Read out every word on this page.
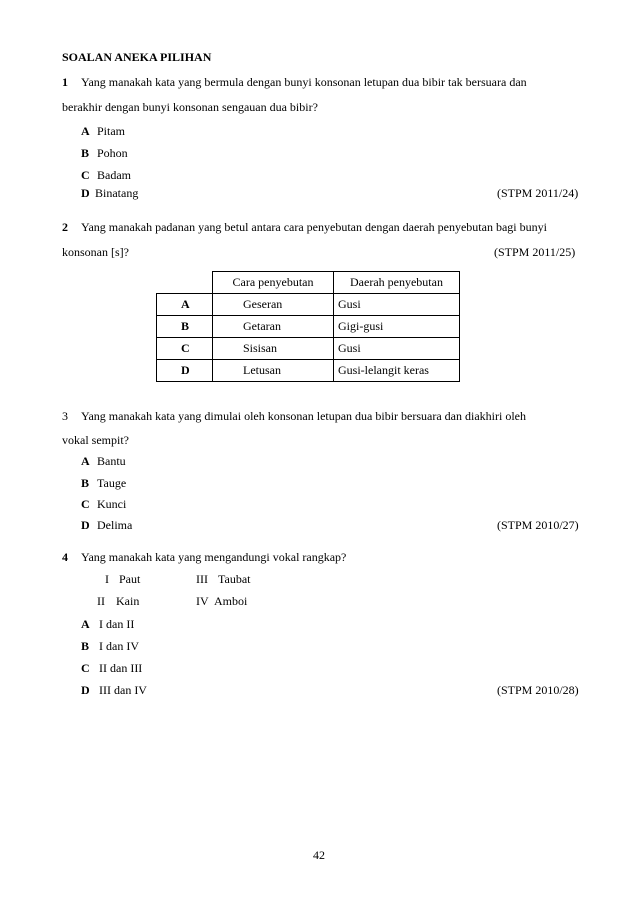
SOALAN ANEKA PILIHAN
1 Yang manakah kata yang bermula dengan bunyi konsonan letupan dua bibir tak bersuara dan
berakhir dengan bunyi konsonan sengauan dua bibir?
A Pitam
B Pohon
C Badam
D Binatang	(STPM 2011/24)
2 Yang manakah padanan yang betul antara cara penyebutan dengan daerah penyebutan bagi bunyi
konsonan [s]?	(STPM 2011/25)
	Cara penyebutan	Daerah penyebutan
A	Geseran	Gusi
B	Getaran	Gigi-gusi
C	Sisisan	Gusi
D	Letusan	Gusi-lelangit keras
3 Yang manakah kata yang dimulai oleh konsonan letupan dua bibir bersuara dan diakhiri oleh
vokal sempit?
A Bantu
B Tauge
C Kunci
D Delima	(STPM 2010/27)
4 Yang manakah kata yang mengandungi vokal rangkap?
I Paut	III Taubat
II Kain	IV Amboi
A I dan II
B I dan IV
C II dan III
D III dan IV	(STPM 2010/28)
42
